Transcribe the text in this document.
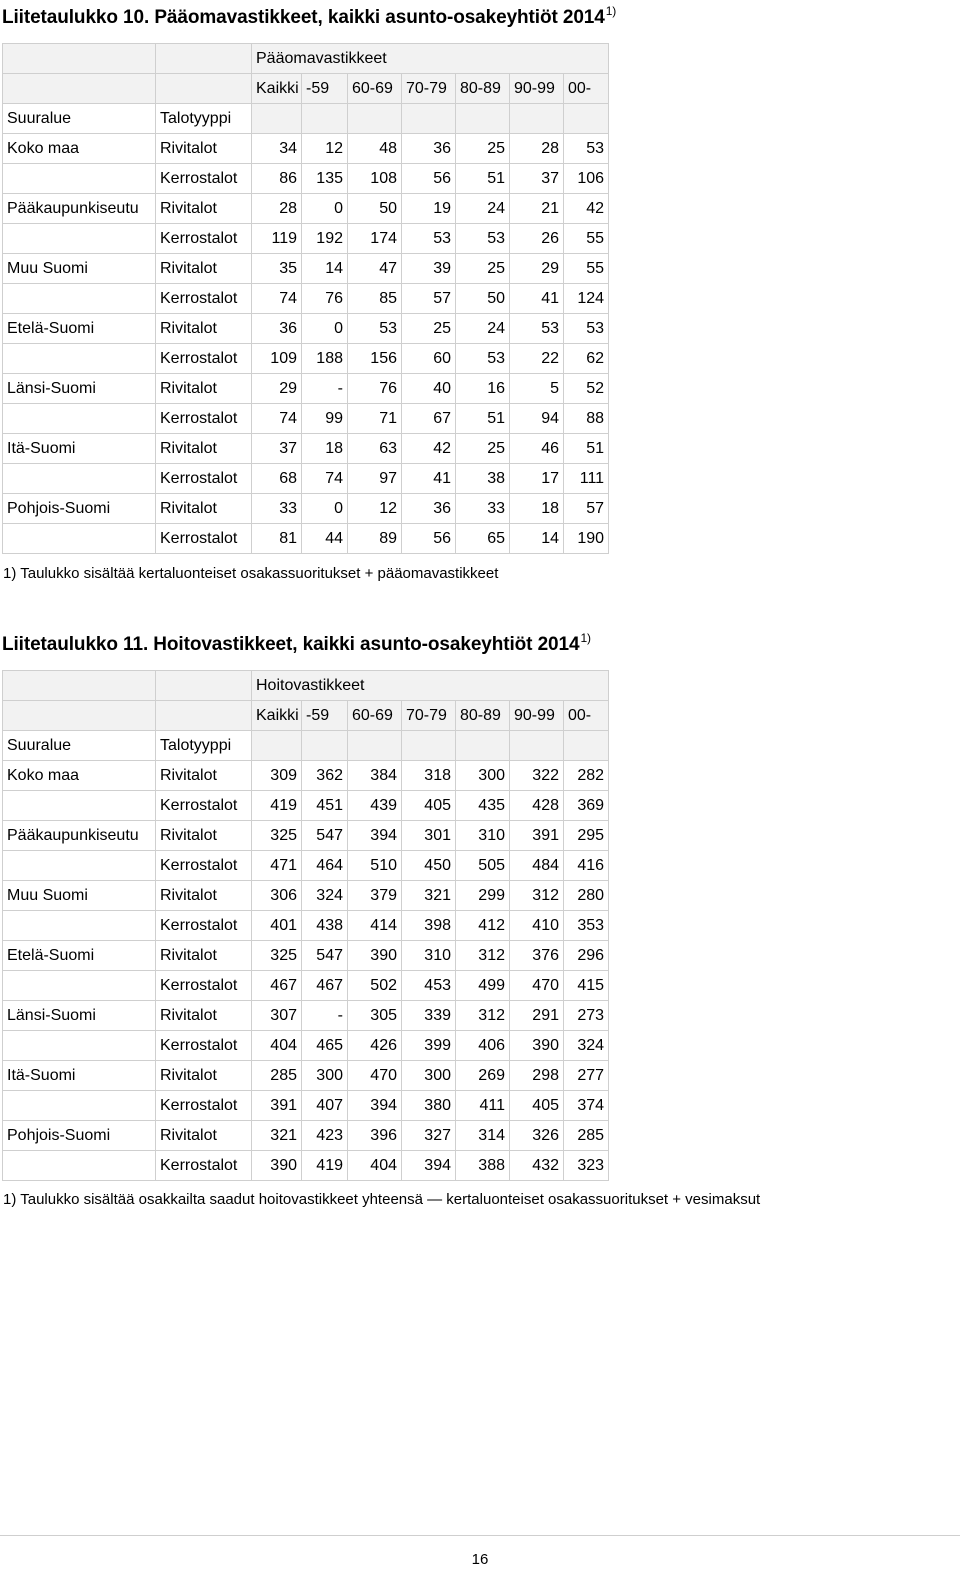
Liitetaulukko 10. Pääomavastikkeet, kaikki asunto-osakeyhtiöt 2014$^{1)}$
		Pääomavastikkeet						
		Kaikki	-59	60-69	70-79	80-89	90-99	00-
Suuralue	Talotyyppi							
Koko maa	Rivitalot	34	12	48	36	25	28	53
	Kerrostalot	86	135	108	56	51	37	106
Pääkaupunkiseutu	Rivitalot	28	0	50	19	24	21	42
	Kerrostalot	119	192	174	53	53	26	55
Muu Suomi	Rivitalot	35	14	47	39	25	29	55
	Kerrostalot	74	76	85	57	50	41	124
Etelä-Suomi	Rivitalot	36	0	53	25	24	53	53
	Kerrostalot	109	188	156	60	53	22	62
Länsi-Suomi	Rivitalot	29	-	76	40	16	5	52
	Kerrostalot	74	99	71	67	51	94	88
Itä-Suomi	Rivitalot	37	18	63	42	25	46	51
	Kerrostalot	68	74	97	41	38	17	111
Pohjois-Suomi	Rivitalot	33	0	12	36	33	18	57
	Kerrostalot	81	44	89	56	65	14	190

1) Taulukko sisältää kertaluonteiset osakassuoritukset + pääomavastikkeet

Liitetaulukko 11. Hoitovastikkeet, kaikki asunto-osakeyhtiöt 2014$^{1)}$
		Hoitovastikkeet						
		Kaikki	-59	60-69	70-79	80-89	90-99	00-
Suuralue	Talotyyppi							
Koko maa	Rivitalot	309	362	384	318	300	322	282
	Kerrostalot	419	451	439	405	435	428	369
Pääkaupunkiseutu	Rivitalot	325	547	394	301	310	391	295
	Kerrostalot	471	464	510	450	505	484	416
Muu Suomi	Rivitalot	306	324	379	321	299	312	280
	Kerrostalot	401	438	414	398	412	410	353
Etelä-Suomi	Rivitalot	325	547	390	310	312	376	296
	Kerrostalot	467	467	502	453	499	470	415
Länsi-Suomi	Rivitalot	307	-	305	339	312	291	273
	Kerrostalot	404	465	426	399	406	390	324
Itä-Suomi	Rivitalot	285	300	470	300	269	298	277
	Kerrostalot	391	407	394	380	411	405	374
Pohjois-Suomi	Rivitalot	321	423	396	327	314	326	285
	Kerrostalot	390	419	404	394	388	432	323

1) Taulukko sisältää osakkailta saadut hoitovastikkeet yhteensä — kertaluonteiset osakassuoritukset + vesimaksut

16
